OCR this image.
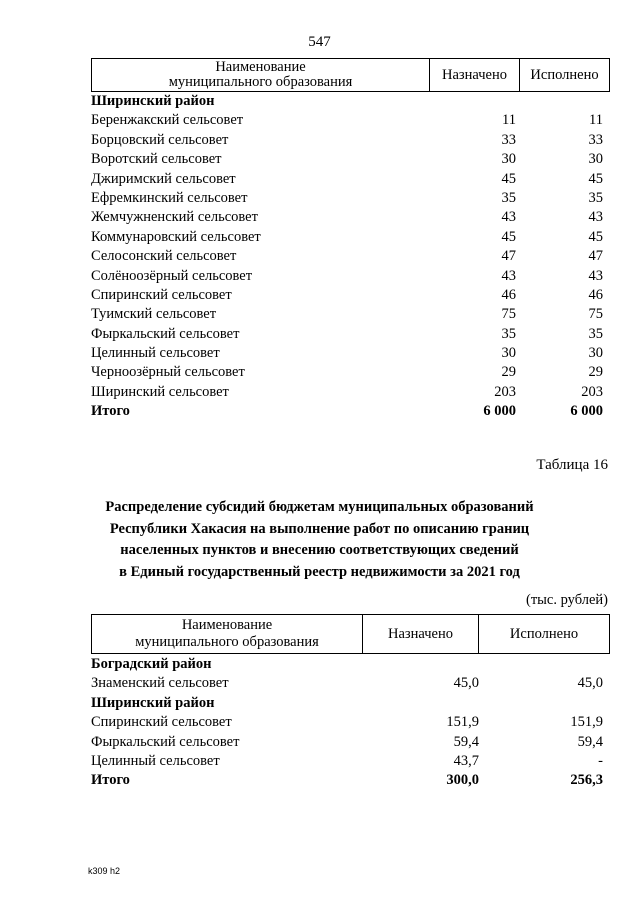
547
Наименование
муниципального образования	Назначено	Исполнено
Ширинский район
Беренжакский сельсовет	11	11
Борцовский сельсовет	33	33
Воротский сельсовет	30	30
Джиримский сельсовет	45	45
Ефремкинский сельсовет	35	35
Жемчужненский сельсовет	43	43
Коммунаровский сельсовет	45	45
Селосонский сельсовет	47	47
Солёноозёрный сельсовет	43	43
Спиринский сельсовет	46	46
Туимский сельсовет	75	75
Фыркальский сельсовет	35	35
Целинный сельсовет	30	30
Черноозёрный сельсовет	29	29
Ширинский сельсовет	203	203
Итого	6 000	6 000
Таблица 16
Распределение субсидий бюджетам муниципальных образований
Республики Хакасия на выполнение работ по описанию границ
населенных пунктов и внесению соответствующих сведений
в Единый государственный реестр недвижимости за 2021 год
(тыс. рублей)
Наименование
муниципального образования
Назначено	Исполнено
Боградский район
Знаменский сельсовет	45,0	45,0
Ширинский район
Спиринский сельсовет	151,9	151,9
Фыркальский сельсовет	59,4	59,4
Целинный сельсовет	43,7	-
Итого	300,0	256,3
k309 h2
